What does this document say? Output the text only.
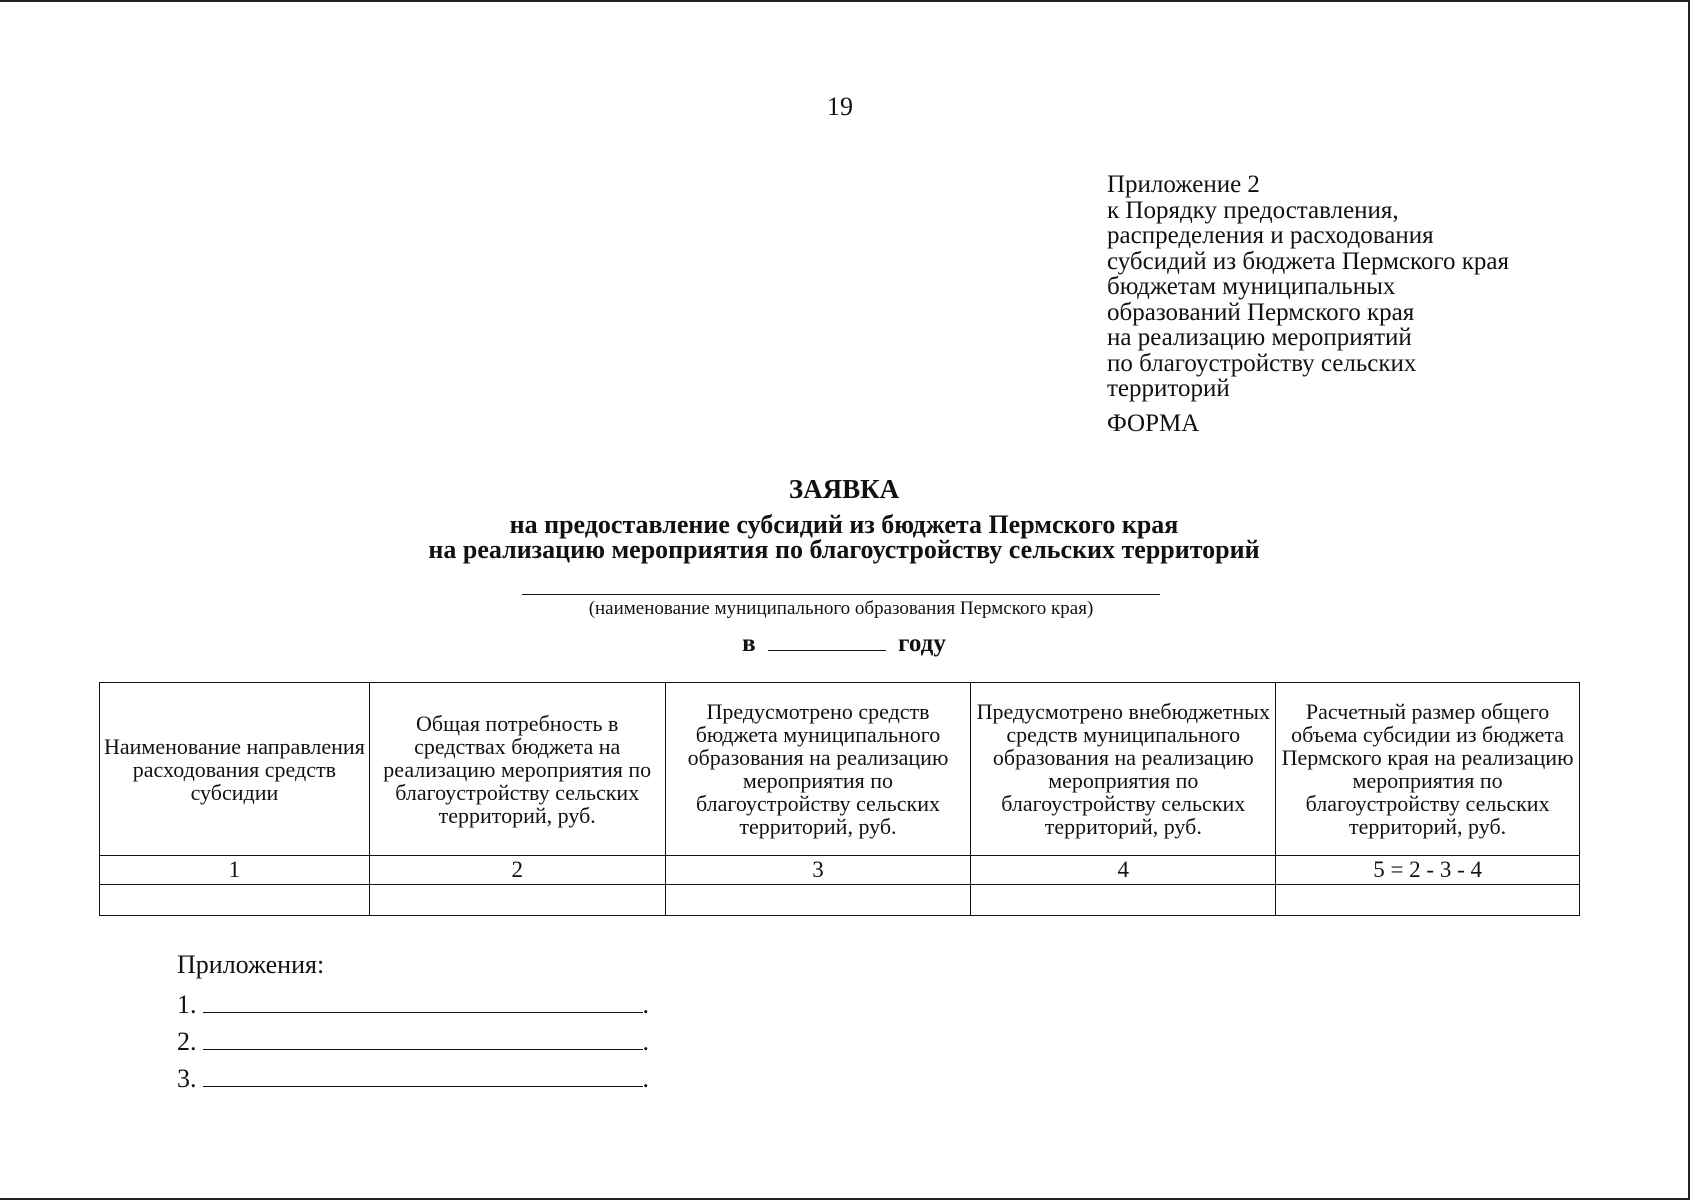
19
Приложение 2
к Порядку предоставления,
распределения и расходования
субсидий из бюджета Пермского края
бюджетам муниципальных
образований Пермского края
на реализацию мероприятий
по благоустройству сельских
территорий
ФОРМА
ЗАЯВКА
на предоставление субсидий из бюджета Пермского края
на реализацию мероприятия по благоустройству сельских территорий
(наименование муниципального образования Пермского края)
в	году
Наименование направления расходования средств субсидии	Общая потребность в средствах бюджета на реализацию мероприятия по благоустройству сельских территорий, руб.	Предусмотрено средств бюджета муниципального образования на реализацию мероприятия по благоустройству сельских территорий, руб.	Предусмотрено внебюджетных средств муниципального образования на реализацию мероприятия по благоустройству сельских территорий, руб.	Расчетный размер общего объема субсидии из бюджета Пермского края на реализацию мероприятия по благоустройству сельских территорий, руб.
1	2	3	4	5 = 2 - 3 - 4

Приложения:
1.	.
2.	.
3.	.
